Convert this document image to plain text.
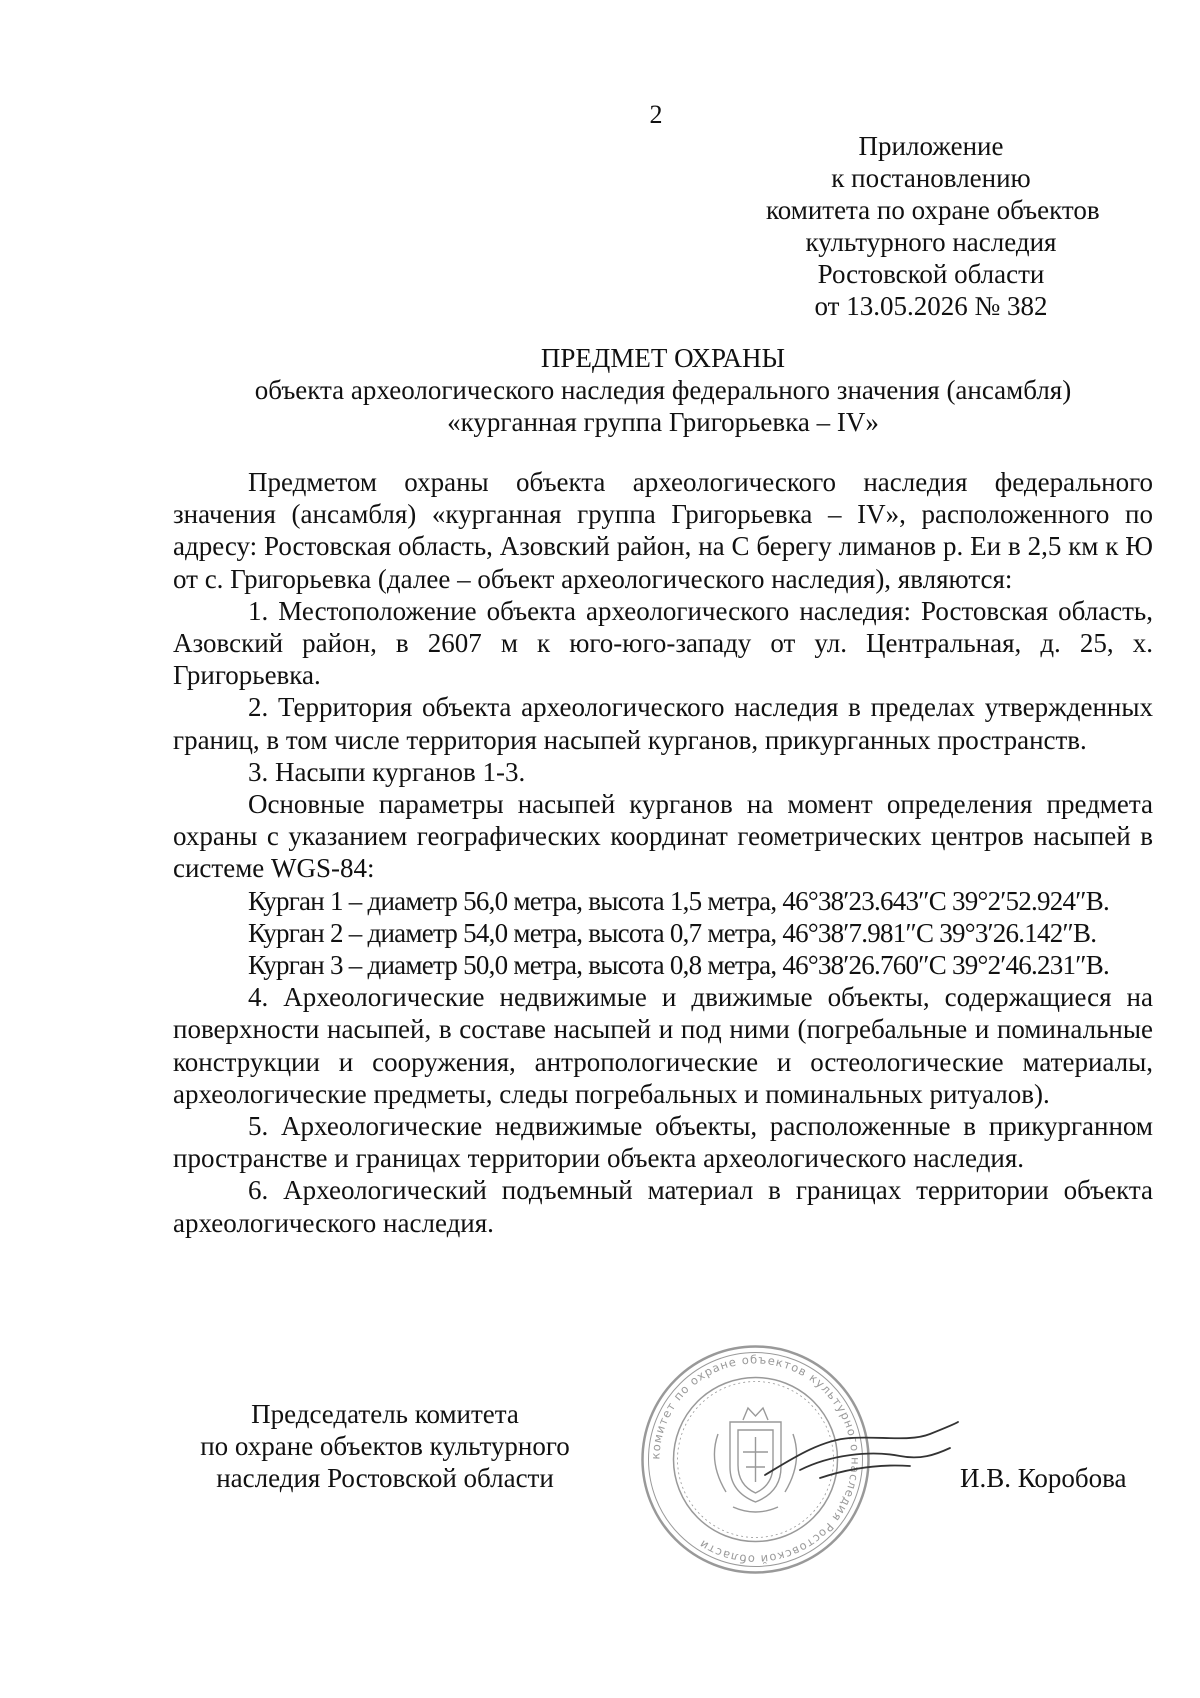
2
Приложение
к постановлению
комитета по охране объектов
культурного наследия
Ростовской области
от 13.05.2026 № 382
ПРЕДМЕТ ОХРАНЫ
объекта археологического наследия федерального значения (ансамбля)
«курганная группа Григорьевка – IV»

Предметом охраны объекта археологического наследия федерального значения (ансамбля) «курганная группа Григорьевка – IV», расположенного по адресу: Ростовская область, Азовский район, на С берегу лиманов р. Еи в 2,5 км к Ю от с. Григорьевка (далее – объект археологического наследия), являются:

1. Местоположение объекта археологического наследия: Ростовская область, Азовский район, в 2607 м к юго-юго-западу от ул. Центральная, д. 25, х. Григорьевка.

2. Территория объекта археологического наследия в пределах утвержденных границ, в том числе территория насыпей курганов, прикурганных пространств.

3. Насыпи курганов 1-3.

Основные параметры насыпей курганов на момент определения предмета охраны с указанием географических координат геометрических центров насыпей в системе WGS-84:

Курган 1 – диаметр 56,0 метра, высота 1,5 метра, 46°38′23.643″С 39°2′52.924″В.

Курган 2 – диаметр 54,0 метра, высота 0,7 метра, 46°38′7.981″С 39°3′26.142″В.

Курган 3 – диаметр 50,0 метра, высота 0,8 метра, 46°38′26.760″С 39°2′46.231″В.

4. Археологические недвижимые и движимые объекты, содержащиеся на поверхности насыпей, в составе насыпей и под ними (погребальные и поминальные конструкции и сооружения, антропологические и остеологические материалы, археологические предметы, следы погребальных и поминальных ритуалов).

5. Археологические недвижимые объекты, расположенные в прикурганном пространстве и границах территории объекта археологического наследия.

6. Археологический подъемный материал в границах территории объекта археологического наследия.

Председатель комитета
по охране объектов культурного
наследия Ростовской области
комитет по охране объектов культурного наследия Ростовской области
И.В. Коробова
